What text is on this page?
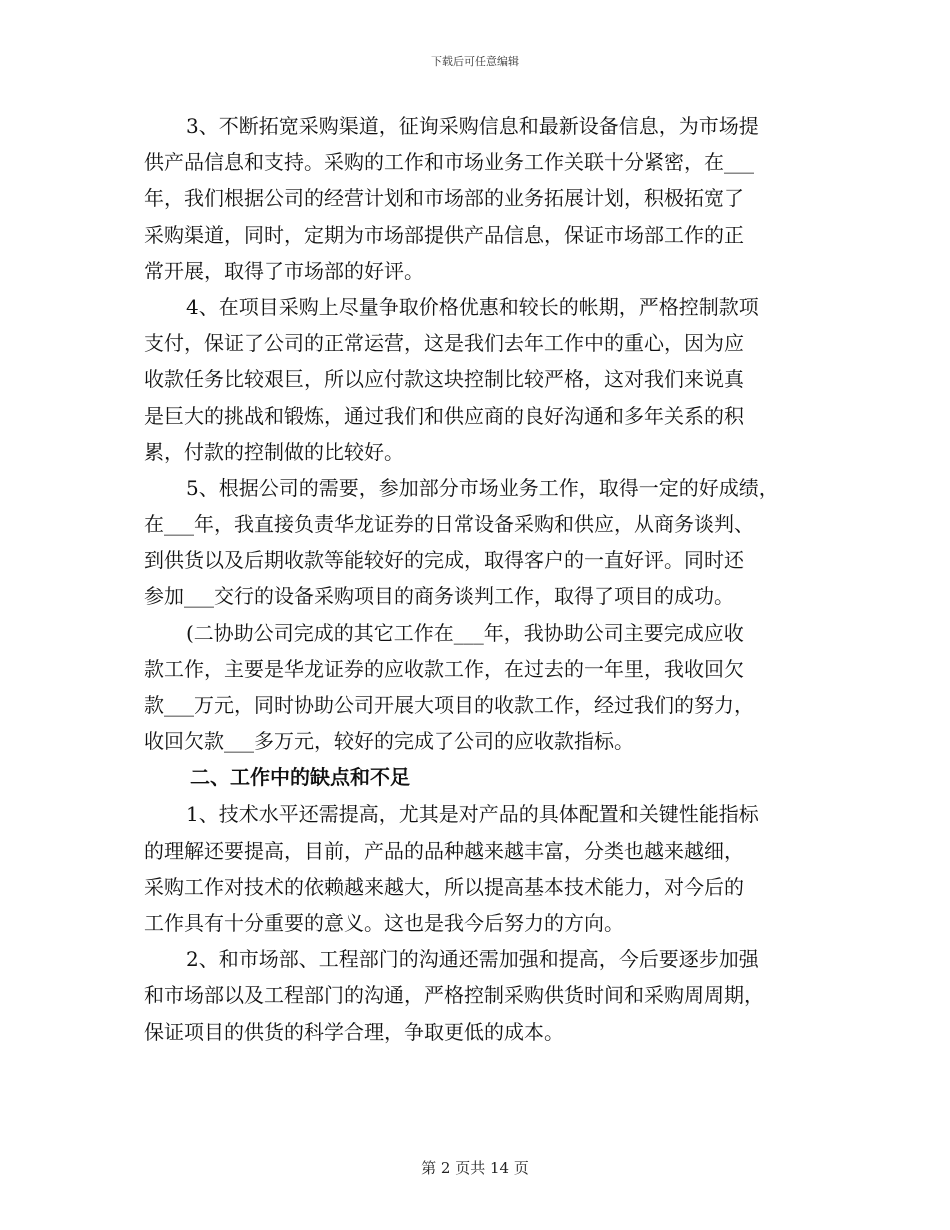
下载后可任意编辑
3、不断拓宽采购渠道，征询采购信息和最新设备信息，为市场提
供产品信息和支持。采购的工作和市场业务工作关联十分紧密，在___
年，我们根据公司的经营计划和市场部的业务拓展计划，积极拓宽了
采购渠道，同时，定期为市场部提供产品信息，保证市场部工作的正
常开展，取得了市场部的好评。
4、在项目采购上尽量争取价格优惠和较长的帐期，严格控制款项
支付，保证了公司的正常运营，这是我们去年工作中的重心，因为应
收款任务比较艰巨，所以应付款这块控制比较严格，这对我们来说真
是巨大的挑战和锻炼，通过我们和供应商的良好沟通和多年关系的积
累，付款的控制做的比较好。
5、根据公司的需要，参加部分市场业务工作，取得一定的好成绩，
在___年，我直接负责华龙证券的日常设备采购和供应，从商务谈判、
到供货以及后期收款等能较好的完成，取得客户的一直好评。同时还
参加___交行的设备采购项目的商务谈判工作，取得了项目的成功。
(二协助公司完成的其它工作在___年，我协助公司主要完成应收
款工作，主要是华龙证券的应收款工作，在过去的一年里，我收回欠
款___万元，同时协助公司开展大项目的收款工作，经过我们的努力，
收回欠款___多万元，较好的完成了公司的应收款指标。
二、工作中的缺点和不足
1、技术水平还需提高，尤其是对产品的具体配置和关键性能指标
的理解还要提高，目前，产品的品种越来越丰富，分类也越来越细，
采购工作对技术的依赖越来越大，所以提高基本技术能力，对今后的
工作具有十分重要的意义。这也是我今后努力的方向。
2、和市场部、工程部门的沟通还需加强和提高，今后要逐步加强
和市场部以及工程部门的沟通，严格控制采购供货时间和采购周周期，
保证项目的供货的科学合理，争取更低的成本。
第 2 页共 14 页
